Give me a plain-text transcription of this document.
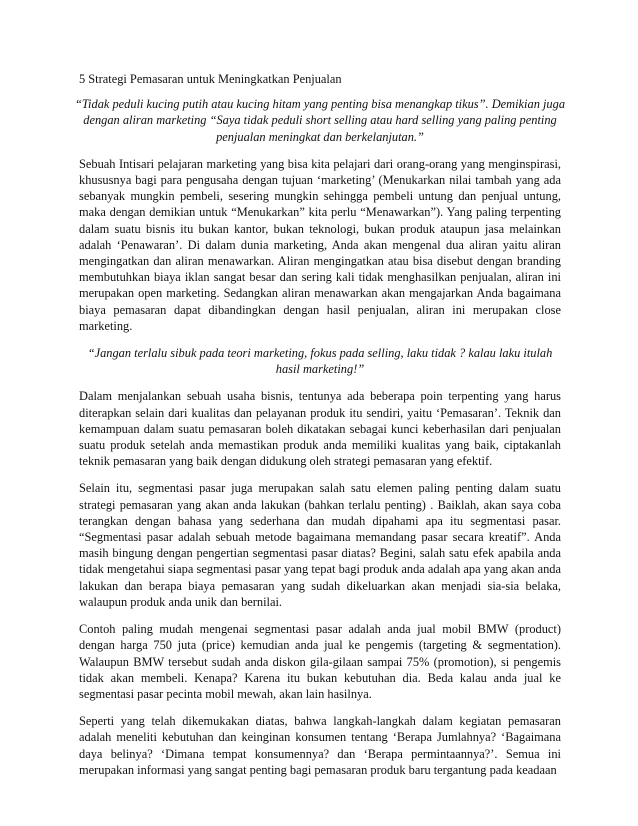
5 Strategi Pemasaran untuk Meningkatkan Penjualan

“Tidak peduli kucing putih atau kucing hitam yang penting bisa menangkap tikus”. Demikian juga dengan aliran marketing “Saya tidak peduli short selling atau hard selling yang paling penting penjualan meningkat dan berkelanjutan.”

Sebuah Intisari pelajaran marketing yang bisa kita pelajari dari orang-orang yang menginspirasi, khususnya bagi para pengusaha dengan tujuan ‘marketing’ (Menukarkan nilai tambah yang ada sebanyak mungkin pembeli, sesering mungkin sehingga pembeli untung dan penjual untung, maka dengan demikian untuk “Menukarkan” kita perlu “Menawarkan”). Yang paling terpenting dalam suatu bisnis itu bukan kantor, bukan teknologi, bukan produk ataupun jasa melainkan adalah ‘Penawaran’. Di dalam dunia marketing, Anda akan mengenal dua aliran yaitu aliran mengingatkan dan aliran menawarkan. Aliran mengingatkan atau bisa disebut dengan branding membutuhkan biaya iklan sangat besar dan sering kali tidak menghasilkan penjualan, aliran ini merupakan open marketing. Sedangkan aliran menawarkan akan mengajarkan Anda bagaimana biaya pemasaran dapat dibandingkan dengan hasil penjualan, aliran ini merupakan close marketing.

“Jangan terlalu sibuk pada teori marketing, fokus pada selling, laku tidak ? kalau laku itulah hasil marketing!”

Dalam menjalankan sebuah usaha bisnis, tentunya ada beberapa poin terpenting yang harus diterapkan selain dari kualitas dan pelayanan produk itu sendiri, yaitu ‘Pemasaran’. Teknik dan kemampuan dalam suatu pemasaran boleh dikatakan sebagai kunci keberhasilan dari penjualan suatu produk setelah anda memastikan produk anda memiliki kualitas yang baik, ciptakanlah teknik pemasaran yang baik dengan didukung oleh strategi pemasaran yang efektif.

Selain itu, segmentasi pasar juga merupakan salah satu elemen paling penting dalam suatu strategi pemasaran yang akan anda lakukan (bahkan terlalu penting) . Baiklah, akan saya coba terangkan dengan bahasa yang sederhana dan mudah dipahami apa itu segmentasi pasar. “Segmentasi pasar adalah sebuah metode bagaimana memandang pasar secara kreatif”. Anda masih bingung dengan pengertian segmentasi pasar diatas? Begini, salah satu efek apabila anda tidak mengetahui siapa segmentasi pasar yang tepat bagi produk anda adalah apa yang akan anda lakukan dan berapa biaya pemasaran yang sudah dikeluarkan akan menjadi sia-sia belaka, walaupun produk anda unik dan bernilai.

Contoh paling mudah mengenai segmentasi pasar adalah anda jual mobil BMW (product) dengan harga 750 juta (price) kemudian anda jual ke pengemis (targeting & segmentation). Walaupun BMW tersebut sudah anda diskon gila-gilaan sampai 75% (promotion), si pengemis tidak akan membeli. Kenapa? Karena itu bukan kebutuhan dia. Beda kalau anda jual ke segmentasi pasar pecinta mobil mewah, akan lain hasilnya.

Seperti yang telah dikemukakan diatas, bahwa langkah-langkah dalam kegiatan pemasaran adalah meneliti kebutuhan dan keinginan konsumen tentang ‘Berapa Jumlahnya? ‘Bagaimana daya belinya? ‘Dimana tempat konsumennya? dan ‘Berapa permintaannya?’. Semua ini merupakan informasi yang sangat penting bagi pemasaran produk baru tergantung pada keadaan
